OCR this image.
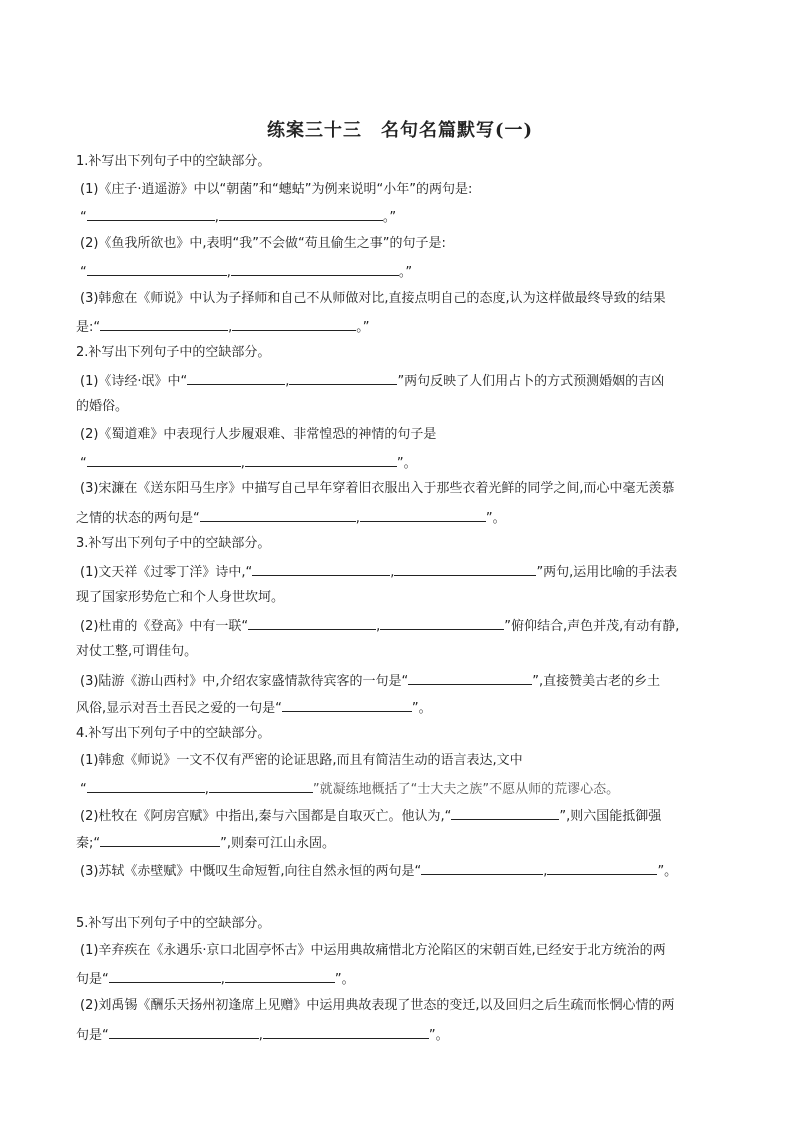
练案三十三　名句名篇默写(一)
1.补写出下列句子中的空缺部分。
(1)《庄子·逍遥游》中以“朝菌”和“蟪蛄”为例来说明“小年”的两句是:
“	,	。”
(2)《鱼我所欲也》中,表明“我”不会做“苟且偷生之事”的句子是:
“	,	。”
(3)韩愈在《师说》中认为子择师和自己不从师做对比,直接点明自己的态度,认为这样做最终导致的结果
是:“	,	。”
2.补写出下列句子中的空缺部分。
(1)《诗经·氓》中“	,	”两句反映了人们用占卜的方式预测婚姻的吉凶
的婚俗。
(2)《蜀道难》中表现行人步履艰难、非常惶恐的神情的句子是
“	,	”。
(3)宋濂在《送东阳马生序》中描写自己早年穿着旧衣服出入于那些衣着光鲜的同学之间,而心中毫无羡慕
之情的状态的两句是“	,	”。
3.补写出下列句子中的空缺部分。
(1)文天祥《过零丁洋》诗中,“	,	”两句,运用比喻的手法表
现了国家形势危亡和个人身世坎坷。
(2)杜甫的《登高》中有一联“	,	”俯仰结合,声色并茂,有动有静,
对仗工整,可谓佳句。
(3)陆游《游山西村》中,介绍农家盛情款待宾客的一句是“	”,直接赞美古老的乡土
风俗,显示对吾土吾民之爱的一句是“	”。
4.补写出下列句子中的空缺部分。
(1)韩愈《师说》一文不仅有严密的论证思路,而且有简洁生动的语言表达,文中
“	,	”就凝练地概括了“士大夫之族”不愿从师的荒谬心态。
(2)杜牧在《阿房宫赋》中指出,秦与六国都是自取灭亡。他认为,“	”,则六国能抵御强
秦;“	”,则秦可江山永固。
(3)苏轼《赤壁赋》中慨叹生命短暂,向往自然永恒的两句是“	,	”。
5.补写出下列句子中的空缺部分。
(1)辛弃疾在《永遇乐·京口北固亭怀古》中运用典故痛惜北方沦陷区的宋朝百姓,已经安于北方统治的两
句是“	,	”。
(2)刘禹锡《酬乐天扬州初逢席上见赠》中运用典故表现了世态的变迁,以及回归之后生疏而怅惘心情的两
句是“	,	”。
